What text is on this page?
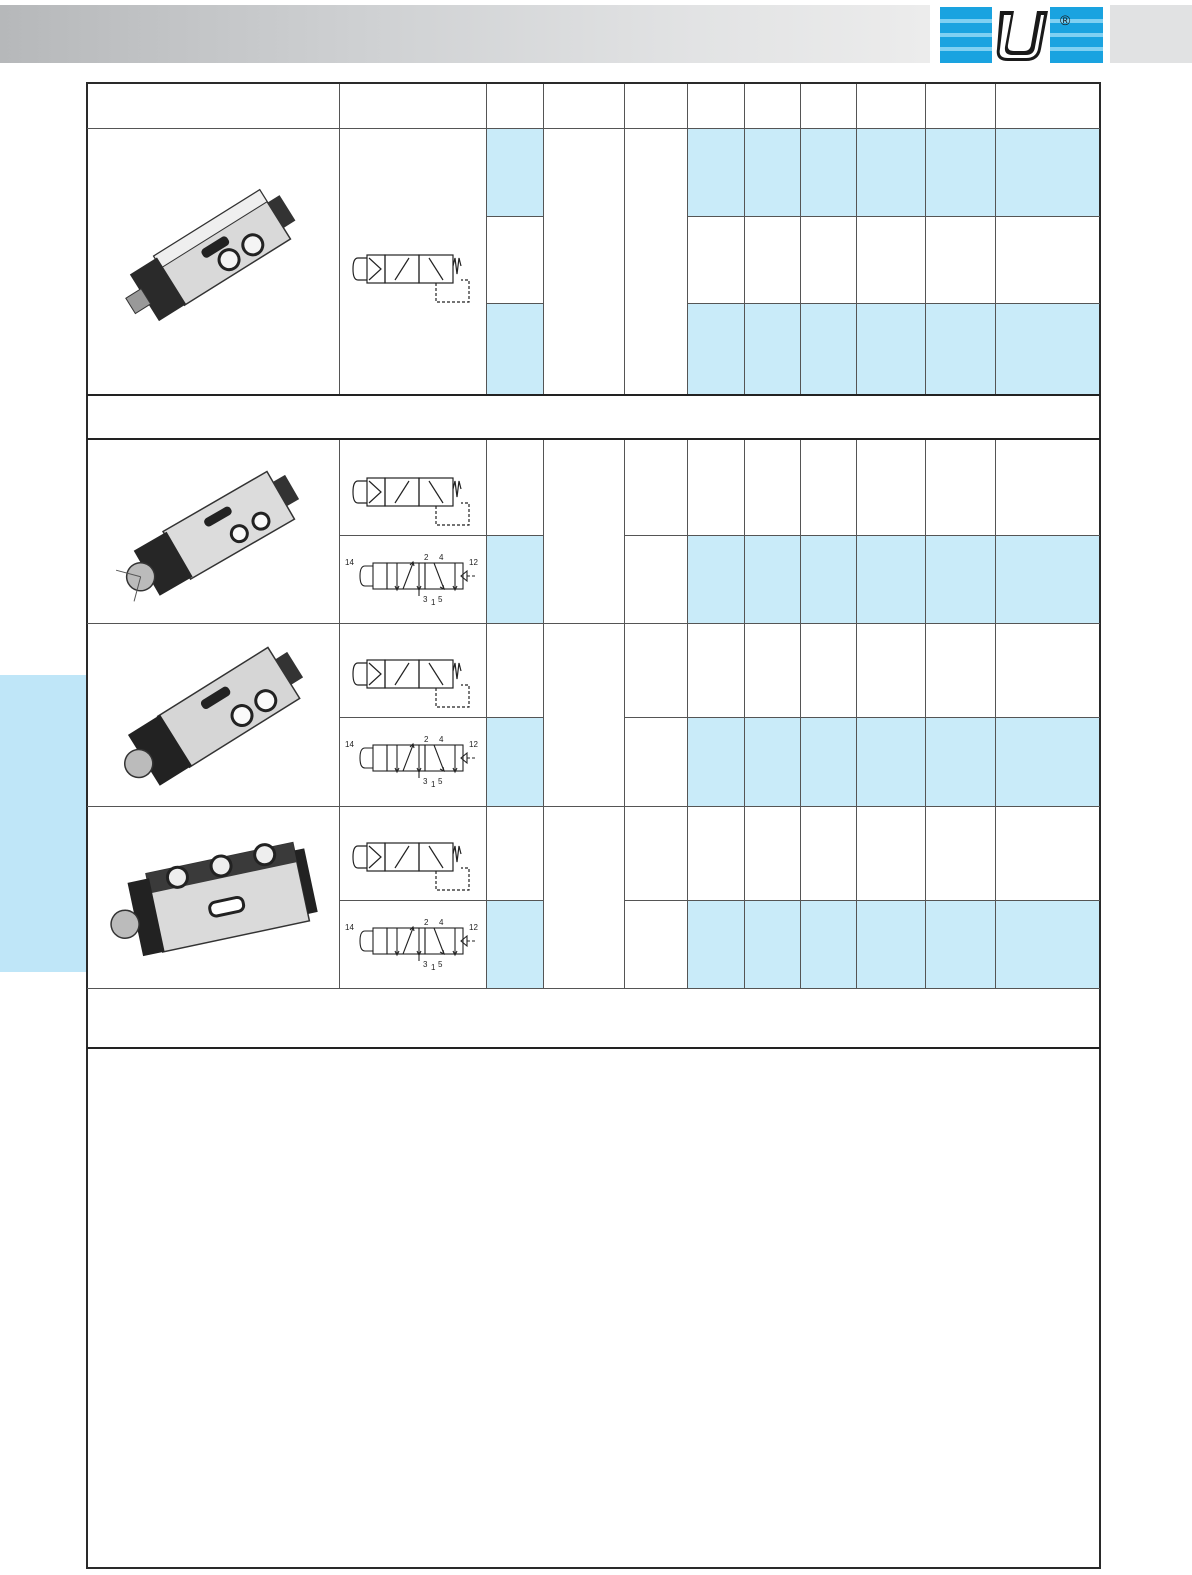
®
14	12
2 4
3 1 5
14	12
2 4
3 1 5
14	12
2 4
3 1 5
